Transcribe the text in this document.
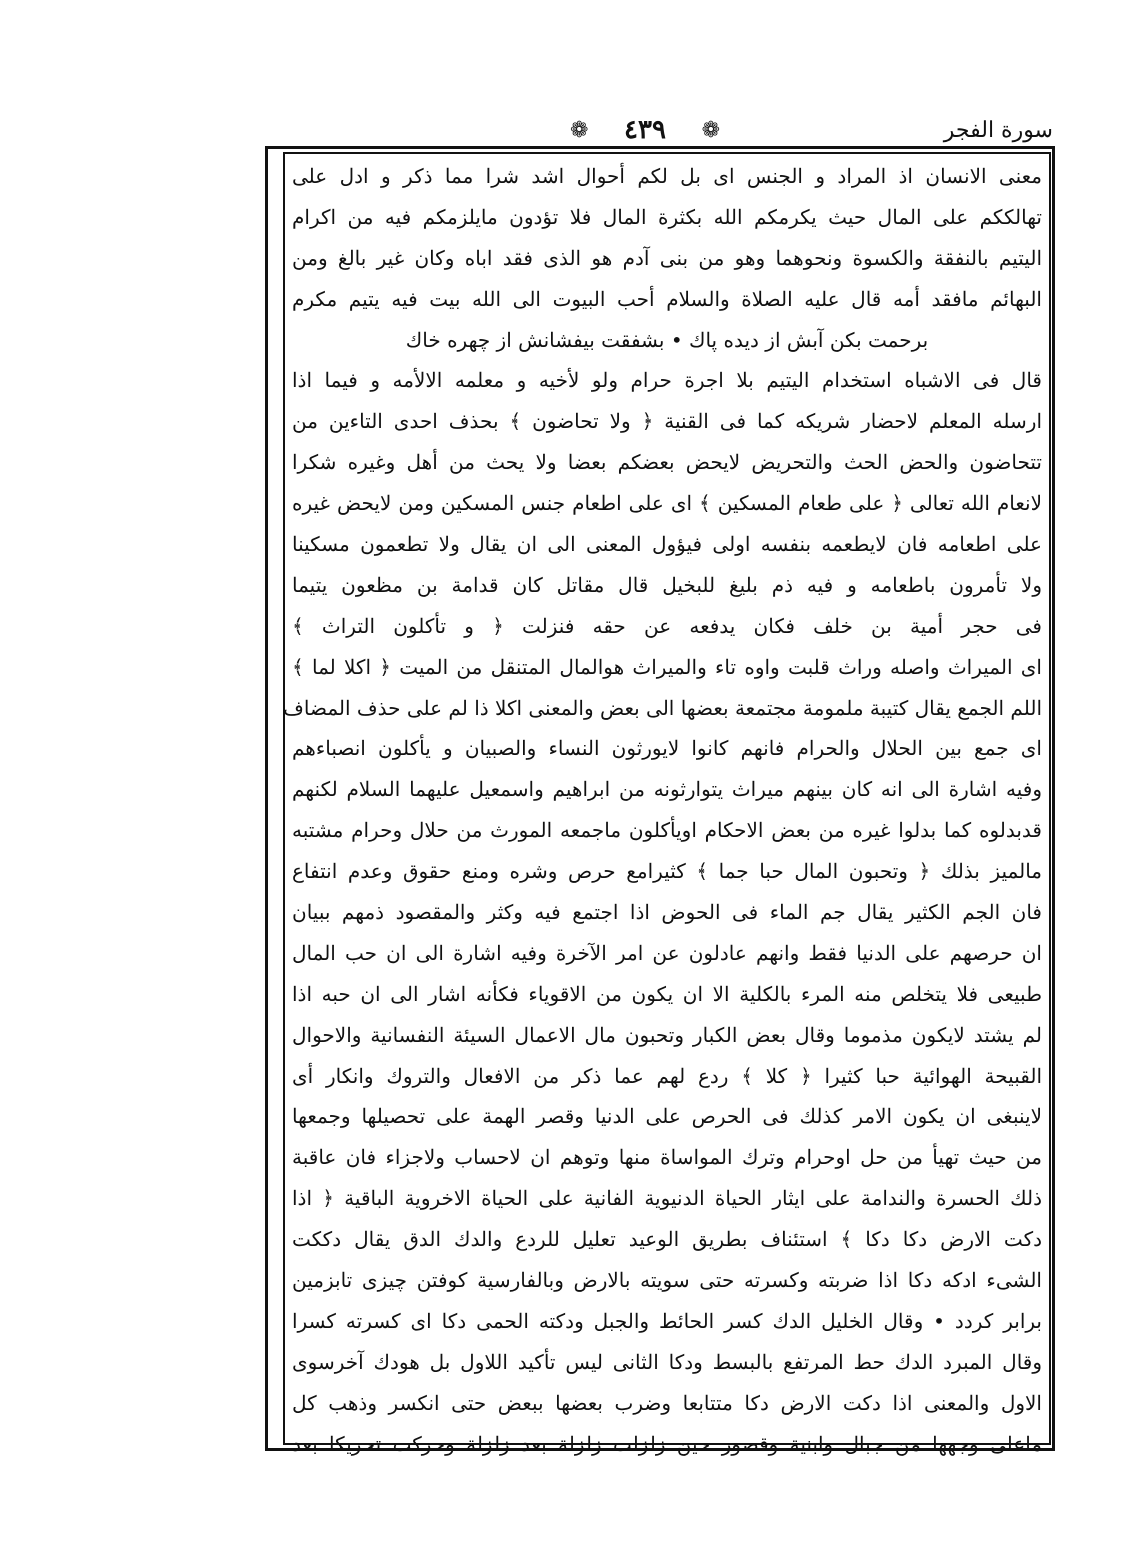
سورة الفجر
❁	٤٣٩	❁
معنى الانسان اذ المراد و الجنس اى بل لكم أحوال اشد شرا مما ذكر و ادل على
تهالككم على المال حيث يكرمكم الله بكثرة المال فلا تؤدون مايلزمكم فيه من اكرام
اليتيم بالنفقة والكسوة ونحوهما وهو من بنى آدم هو الذى فقد اباه وكان غير بالغ ومن
البهائم مافقد أمه قال عليه الصلاة والسلام أحب البيوت الى الله بيت فيه يتيم مكرم
برحمت بكن آبش از ديده پاك • بشفقت بيفشانش از چهره خاك
قال فى الاشباه استخدام اليتيم بلا اجرة حرام ولو لأخيه و معلمه الالأمه و فيما اذا
ارسله المعلم لاحضار شريكه كما فى القنية ﴿ ولا تحاضون ﴾ بحذف احدى التاءين من
تتحاضون والحض الحث والتحريض لايحض بعضكم بعضا ولا يحث من أهل وغيره شكرا
لانعام الله تعالى ﴿ على طعام المسكين ﴾ اى على اطعام جنس المسكين ومن لايحض غيره
على اطعامه فان لايطعمه بنفسه اولى فيؤول المعنى الى ان يقال ولا تطعمون مسكينا
ولا تأمرون باطعامه و فيه ذم بليغ للبخيل قال مقاتل كان قدامة بن مظعون يتيما
فى حجر أمية بن خلف فكان يدفعه عن حقه فنزلت ﴿ و تأكلون التراث ﴾
اى الميراث واصله وراث قلبت واوه تاء والميراث هوالمال المتنقل من الميت ﴿ اكلا لما ﴾
اللم الجمع يقال كتيبة ملمومة مجتمعة بعضها الى بعض والمعنى اكلا ذا لم على حذف المضاف
اى جمع بين الحلال والحرام فانهم كانوا لايورثون النساء والصبيان و يأكلون انصباءهم
وفيه اشارة الى انه كان بينهم ميراث يتوارثونه من ابراهيم واسمعيل عليهما السلام لكنهم
قدبدلوه كما بدلوا غيره من بعض الاحكام اويأكلون ماجمعه المورث من حلال وحرام مشتبه
مالميز بذلك ﴿ وتحبون المال حبا جما ﴾ كثيرامع حرص وشره ومنع حقوق وعدم انتفاع
فان الجم الكثير يقال جم الماء فى الحوض اذا اجتمع فيه وكثر والمقصود ذمهم ببيان
ان حرصهم على الدنيا فقط وانهم عادلون عن امر الآخرة وفيه اشارة الى ان حب المال
طبيعى فلا يتخلص منه المرء بالكلية الا ان يكون من الاقوياء فكأنه اشار الى ان حبه اذا
لم يشتد لايكون مذموما وقال بعض الكبار وتحبون مال الاعمال السيئة النفسانية والاحوال
القبيحة الهوائية حبا كثيرا ﴿ كلا ﴾ ردع لهم عما ذكر من الافعال والتروك وانكار أى
لاينبغى ان يكون الامر كذلك فى الحرص على الدنيا وقصر الهمة على تحصيلها وجمعها
من حيث تهيأ من حل اوحرام وترك المواساة منها وتوهم ان لاحساب ولاجزاء فان عاقبة
ذلك الحسرة والندامة على ايثار الحياة الدنيوية الفانية على الحياة الاخروية الباقية ﴿ اذا
دكت الارض دكا دكا ﴾ استئناف بطريق الوعيد تعليل للردع والدك الدق يقال دككت
الشىء ادكه دكا اذا ضربته وكسرته حتى سويته بالارض وبالفارسية كوفتن چيزى تابزمين
برابر كردد • وقال الخليل الدك كسر الحائط والجبل ودكته الحمى دكا اى كسرته كسرا
وقال المبرد الدك حط المرتفع بالبسط ودكا الثانى ليس تأكيد اللاول بل هودك آخرسوى
الاول والمعنى اذا دكت الارض دكا متتابعا وضرب بعضها ببعض حتى انكسر وذهب كل
ماعلى وجهها من جبال وابنية وقصور حين زلزلت زلزلة بعد زلزلة وحركت تحريكا بعد
